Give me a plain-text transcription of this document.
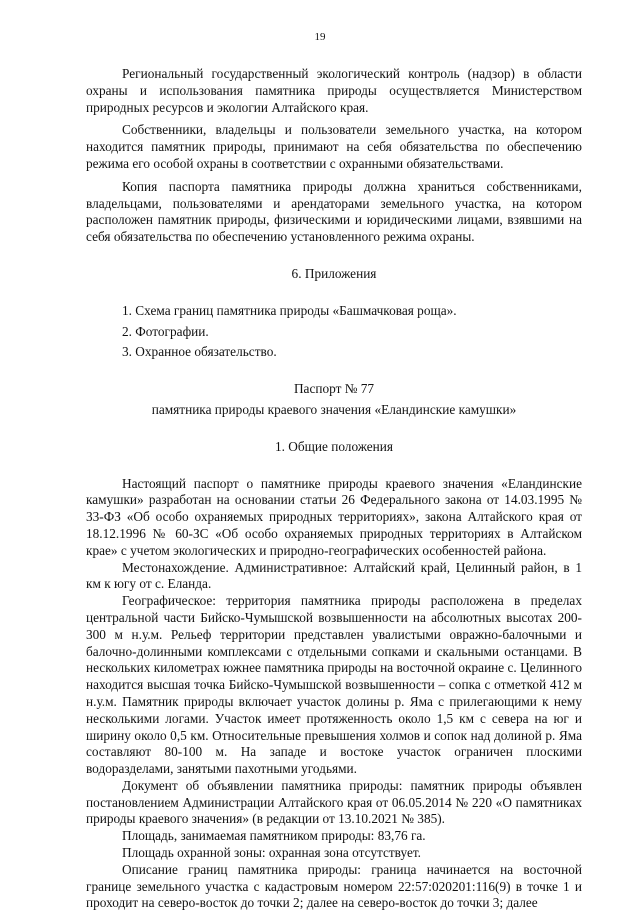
19

Региональный государственный экологический контроль (надзор) в области охраны и использования памятника природы осуществляется Министерством природных ресурсов и экологии Алтайского края.

Собственники, владельцы и пользователи земельного участка, на котором находится памятник природы, принимают на себя обязательства по обеспечению режима его особой охраны в соответствии с охранными обязательствами.

Копия паспорта памятника природы должна храниться собственниками, владельцами, пользователями и арендаторами земельного участка, на котором расположен памятник природы, физическими и юридическими лицами, взявшими на себя обязательства по обеспечению установленного режима охраны.

6. Приложения

1. Схема границ памятника природы «Башмачковая роща».

2. Фотографии.

3. Охранное обязательство.

Паспорт № 77

памятника природы краевого значения «Еландинские камушки»

1. Общие положения

Настоящий паспорт о памятнике природы краевого значения «Еландинские камушки» разработан на основании статьи 26 Федерального закона от 14.03.1995 № 33-ФЗ «Об особо охраняемых природных территориях», закона Алтайского края от 18.12.1996 № 60-ЗС «Об особо охраняемых природных территориях в Алтайском крае» с учетом экологических и природно-географических особенностей района.

Местонахождение. Административное: Алтайский край, Целинный район, в 1 км к югу от с. Еланда.

Географическое: территория памятника природы расположена в пределах центральной части Бийско-Чумышской возвышенности на абсолютных высотах 200-300 м н.у.м. Рельеф территории представлен увалистыми овражно-балочными и балочно-долинными комплексами с отдельными сопками и скальными останцами. В нескольких километрах южнее памятника природы на восточной окраине с. Целинного находится высшая точка Бийско-Чумышской возвышенности – сопка с отметкой 412 м н.у.м. Памятник природы включает участок долины р. Яма с прилегающими к нему несколькими логами. Участок имеет протяженность около 1,5 км с севера на юг и ширину около 0,5 км. Относительные превышения холмов и сопок над долиной р. Яма составляют 80-100 м. На западе и востоке участок ограничен плоскими водоразделами, занятыми пахотными угодьями.

Документ об объявлении памятника природы: памятник природы объявлен постановлением Администрации Алтайского края от 06.05.2014 № 220 «О памятниках природы краевого значения» (в редакции от 13.10.2021 № 385).

Площадь, занимаемая памятником природы: 83,76 га.

Площадь охранной зоны: охранная зона отсутствует.

Описание границ памятника природы: граница начинается на восточной границе земельного участка с кадастровым номером 22:57:020201:116(9) в точке 1 и проходит на северо-восток до точки 2; далее на северо-восток до точки 3; далее
